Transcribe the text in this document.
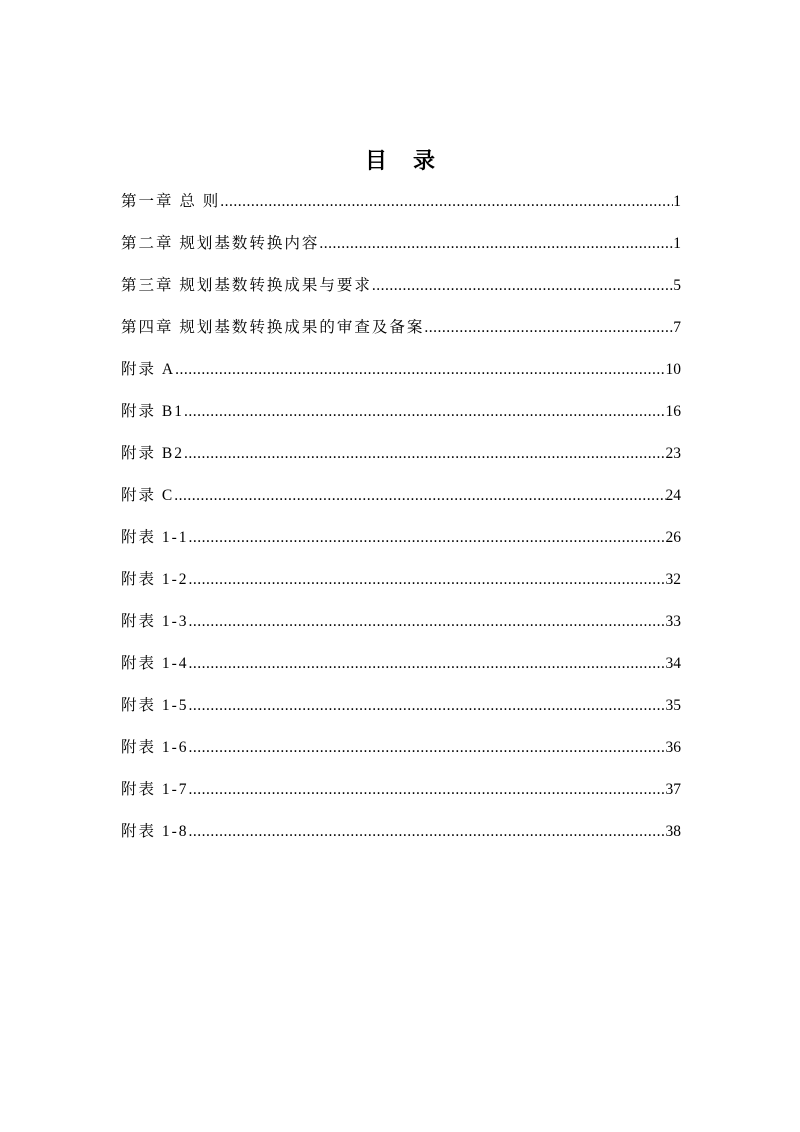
目 录
第一章 总 则 .....	1
第二章 规划基数转换内容 .....	1
第三章 规划基数转换成果与要求 .....	5
第四章 规划基数转换成果的审查及备案 .....	7
附录 A .....	10
附录 B1 .....	16
附录 B2 .....	23
附录 C .....	24
附表 1-1 .....	26
附表 1-2 .....	32
附表 1-3 .....	33
附表 1-4 .....	34
附表 1-5 .....	35
附表 1-6 .....	36
附表 1-7 .....	37
附表 1-8 .....	38
